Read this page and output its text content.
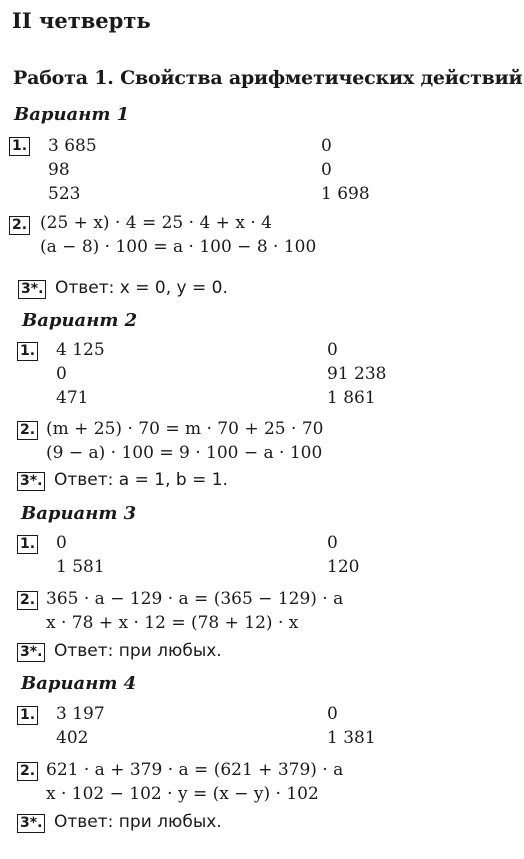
II четверть
Работа 1. Свойства арифметических действий
Вариант 1
1. 3 685
98
523
0
0
1 698
2. (25 + x) · 4 = 25 · 4 + x · 4
(a − 8) · 100 = a · 100 − 8 · 100
3*. Ответ: x = 0, y = 0.
Вариант 2
1. 4 125
0
471
0
91 238
1 861
2. (m + 25) · 70 = m · 70 + 25 · 70
(9 − a) · 100 = 9 · 100 − a · 100
3*. Ответ: a = 1, b = 1.
Вариант 3
1. 0
1 581
0
120
2. 365 · a − 129 · a = (365 − 129) · a
x · 78 + x · 12 = (78 + 12) · x
3*. Ответ: при любых.
Вариант 4
1. 3 197
402
0
1 381
2. 621 · a + 379 · a = (621 + 379) · a
x · 102 − 102 · y = (x − y) · 102
3*. Ответ: при любых.
